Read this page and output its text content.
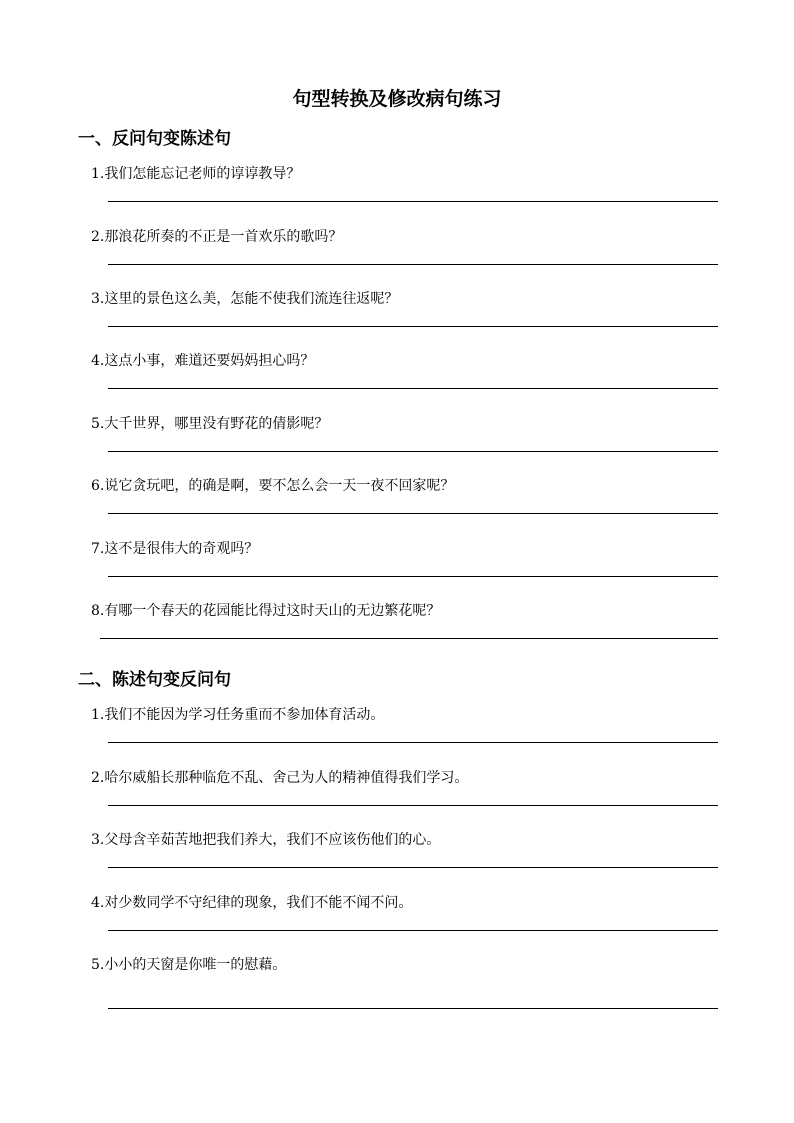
句型转换及修改病句练习
一、反问句变陈述句
1.我们怎能忘记老师的谆谆教导？
2.那浪花所奏的不正是一首欢乐的歌吗？
3.这里的景色这么美，怎能不使我们流连往返呢？
4.这点小事，难道还要妈妈担心吗？
5.大千世界，哪里没有野花的倩影呢？
6.说它贪玩吧，的确是啊，要不怎么会一天一夜不回家呢？
7.这不是很伟大的奇观吗？
8.有哪一个春天的花园能比得过这时天山的无边繁花呢？
二、陈述句变反问句
1.我们不能因为学习任务重而不参加体育活动。
2.哈尔威船长那种临危不乱、舍己为人的精神值得我们学习。
3.父母含辛茹苦地把我们养大，我们不应该伤他们的心。
4.对少数同学不守纪律的现象，我们不能不闻不问。
5.小小的天窗是你唯一的慰藉。
